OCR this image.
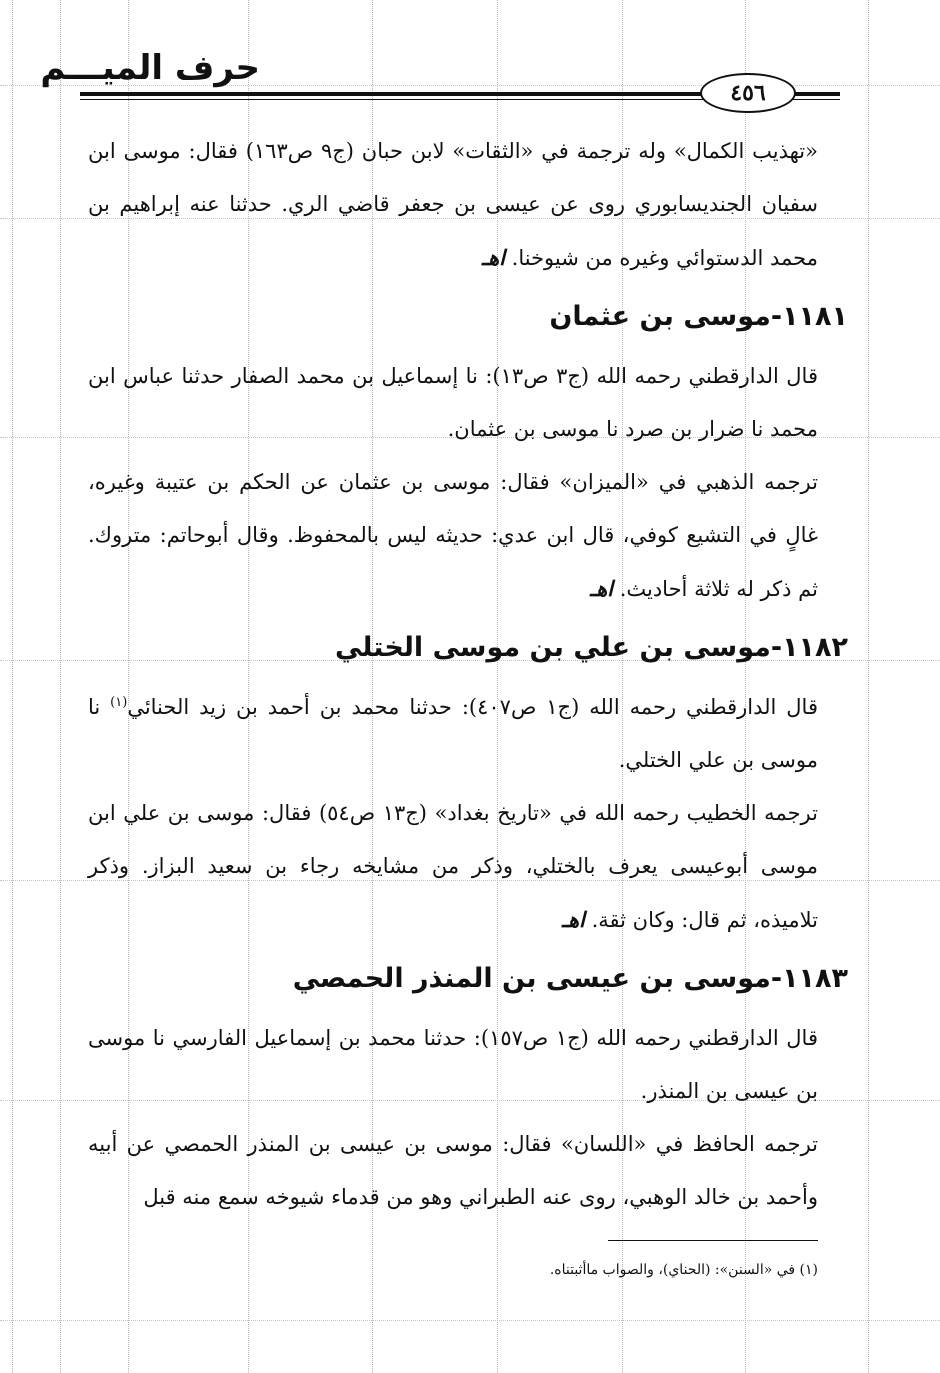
حرف الميـــم
٤٥٦

«تهذيب الكمال» وله ترجمة في «الثقات» لابن حبان (ج٩ ص١٦٣) فقال: موسى ابن سفيان الجنديسابوري روى عن عيسى بن جعفر قاضي الري. حدثنا عنه إبراهيم بن محمد الدستوائي وغيره من شيوخنا. اهـ

١١٨١-موسى بن عثمان

قال الدارقطني رحمه الله (ج٣ ص١٣): نا إسماعيل بن محمد الصفار حدثنا عباس ابن محمد نا ضرار بن صرد نا موسى بن عثمان.

ترجمه الذهبي في «الميزان» فقال: موسى بن عثمان عن الحكم بن عتيبة وغيره، غالٍ في التشيع كوفي، قال ابن عدي: حديثه ليس بالمحفوظ. وقال أبوحاتم: متروك. ثم ذكر له ثلاثة أحاديث. اهـ

١١٨٢-موسى بن علي بن موسى الختلي

قال الدارقطني رحمه الله (ج١ ص٤٠٧): حدثنا محمد بن أحمد بن زيد الحنائي$^{(١)}$ نا موسى بن علي الختلي.

ترجمه الخطيب رحمه الله في «تاريخ بغداد» (ج١٣ ص٥٤) فقال: موسى بن علي ابن موسى أبوعيسى يعرف بالختلي، وذكر من مشايخه رجاء بن سعيد البزاز. وذكر تلاميذه، ثم قال: وكان ثقة. اهـ

١١٨٣-موسى بن عيسى بن المنذر الحمصي

قال الدارقطني رحمه الله (ج١ ص١٥٧): حدثنا محمد بن إسماعيل الفارسي نا موسى بن عيسى بن المنذر.

ترجمه الحافظ في «اللسان» فقال: موسى بن عيسى بن المنذر الحمصي عن أبيه وأحمد بن خالد الوهبي، روى عنه الطبراني وهو من قدماء شيوخه سمع منه قبل

(١) في «السنن»: (الحناي)، والصواب ماأثبتناه.
